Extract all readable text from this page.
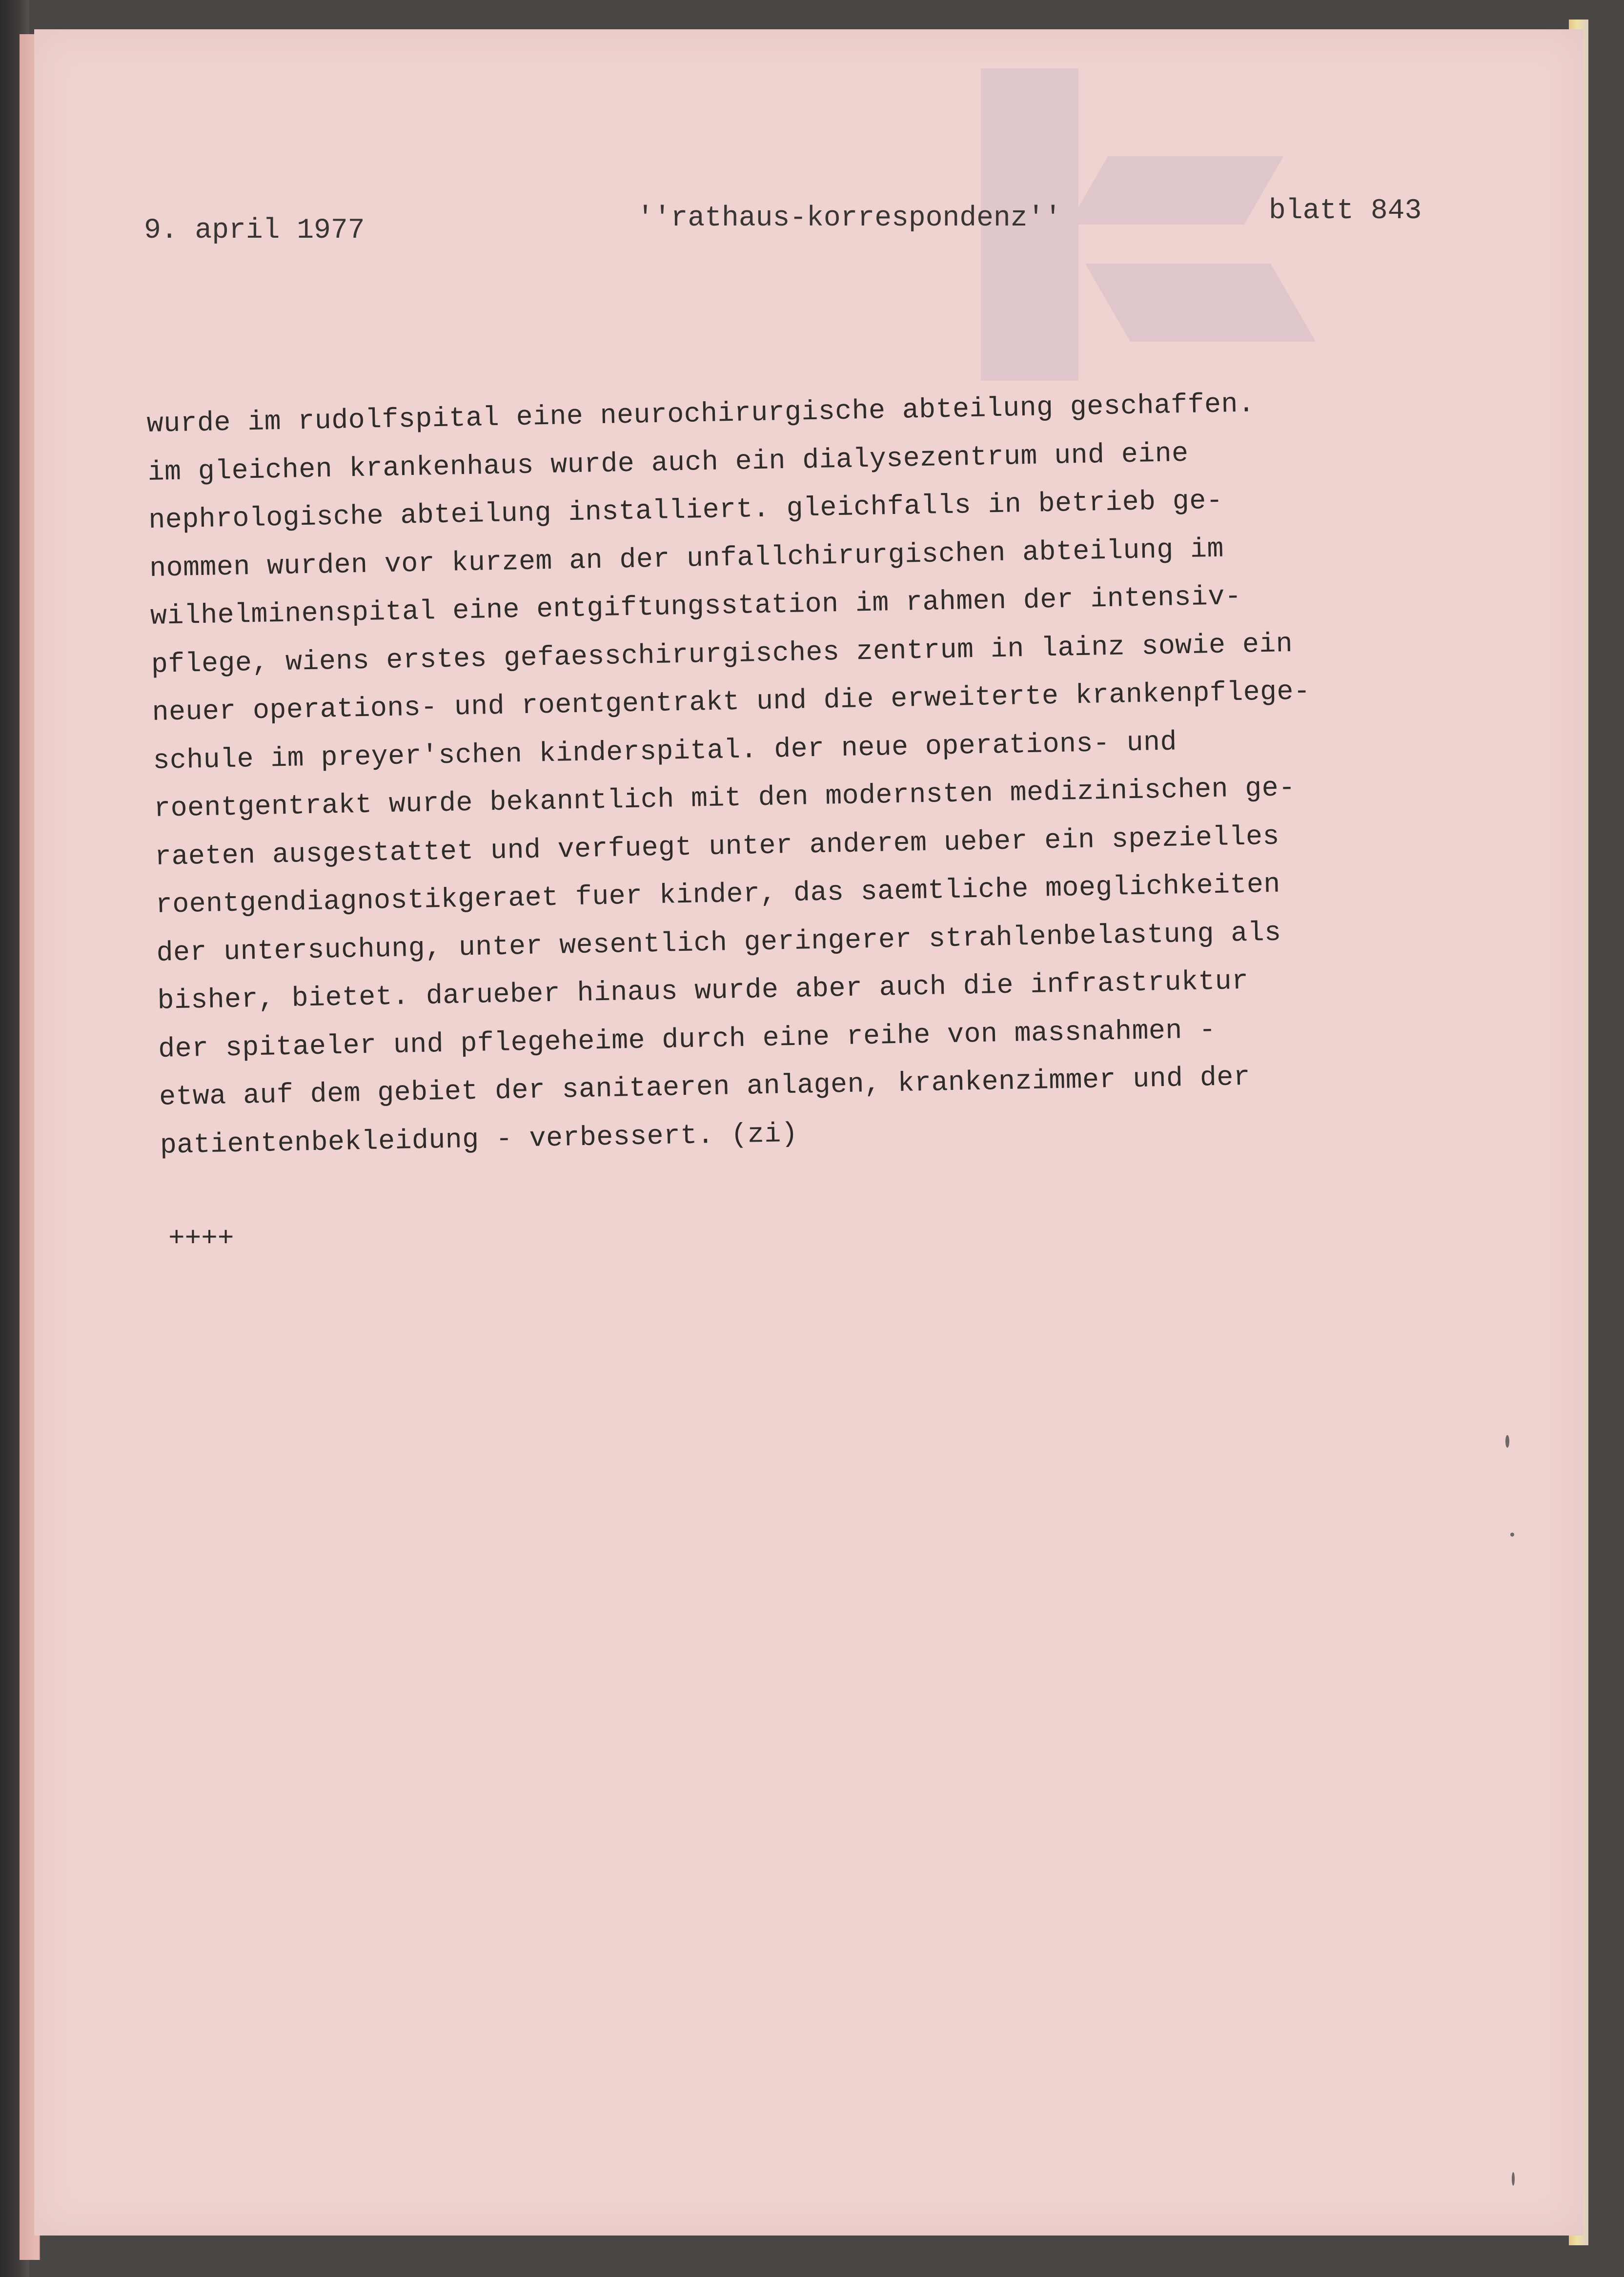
9. april 1977	''rathaus-korrespondenz''	blatt 843
wurde im rudolfspital eine neurochirurgische abteilung geschaffen.
im gleichen krankenhaus wurde auch ein dialysezentrum und eine
nephrologische abteilung installiert. gleichfalls in betrieb ge-
nommen wurden vor kurzem an der unfallchirurgischen abteilung im
wilhelminenspital eine entgiftungsstation im rahmen der intensiv-
pflege, wiens erstes gefaesschirurgisches zentrum in lainz sowie ein
neuer operations- und roentgentrakt und die erweiterte krankenpflege-
schule im preyer'schen kinderspital. der neue operations- und
roentgentrakt wurde bekanntlich mit den modernsten medizinischen ge-
raeten ausgestattet und verfuegt unter anderem ueber ein spezielles
roentgendiagnostikgeraet fuer kinder, das saemtliche moeglichkeiten
der untersuchung, unter wesentlich geringerer strahlenbelastung als
bisher, bietet. darueber hinaus wurde aber auch die infrastruktur
der spitaeler und pflegeheime durch eine reihe von massnahmen -
etwa auf dem gebiet der sanitaeren anlagen, krankenzimmer und der
patientenbekleidung - verbessert. (zi)
++++
